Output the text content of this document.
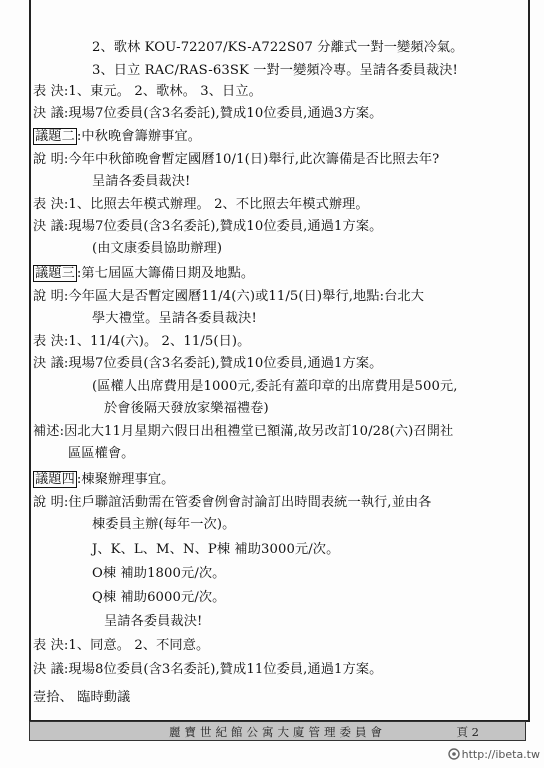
2、歌林 KOU-72207/KS-A722S07 分離式一對一變頻冷氣。
3、日立 RAC/RAS-63SK 一對一變頻冷專。呈請各委員裁決!
表 決:1、東元。 2、歌林。 3、日立。
決 議:現場7位委員(含3名委託),贊成10位委員,通過3方案。
議題二 :中秋晚會籌辦事宜。
說 明:今年中秋節晚會暫定國曆10/1(日)舉行,此次籌備是否比照去年?
呈請各委員裁決!
表 決:1、比照去年模式辦理。 2、不比照去年模式辦理。
決 議:現場7位委員(含3名委託),贊成10位委員,通過1方案。
(由文康委員協助辦理)
議題三 :第七屆區大籌備日期及地點。
說 明:今年區大是否暫定國曆11/4(六)或11/5(日)舉行,地點:台北大
學大禮堂。呈請各委員裁決!
表 決:1、11/4(六)。 2、11/5(日)。
決 議:現場7位委員(含3名委託),贊成10位委員,通過1方案。
(區權人出席費用是1000元,委託有蓋印章的出席費用是500元,
於會後隔天發放家樂福禮卷)
補述:因北大11月星期六假日出租禮堂已額滿,故另改訂10/28(六)召開社
區區權會。
議題四 :棟聚辦理事宜。
說 明:住戶聯誼活動需在管委會例會討論訂出時間表統一執行,並由各
棟委員主辦(每年一次)。
J、K、L、M、N、P棟 補助3000元/次。
O棟 補助1800元/次。
Q棟 補助6000元/次。
呈請各委員裁決!
表 決:1、同意。 2、不同意。
決 議:現場8位委員(含3名委託),贊成11位委員,通過1方案。
壹拾、 臨時動議
麗寶世紀館公寓大廈管理委員會	頁 2
http://ibeta.tw
